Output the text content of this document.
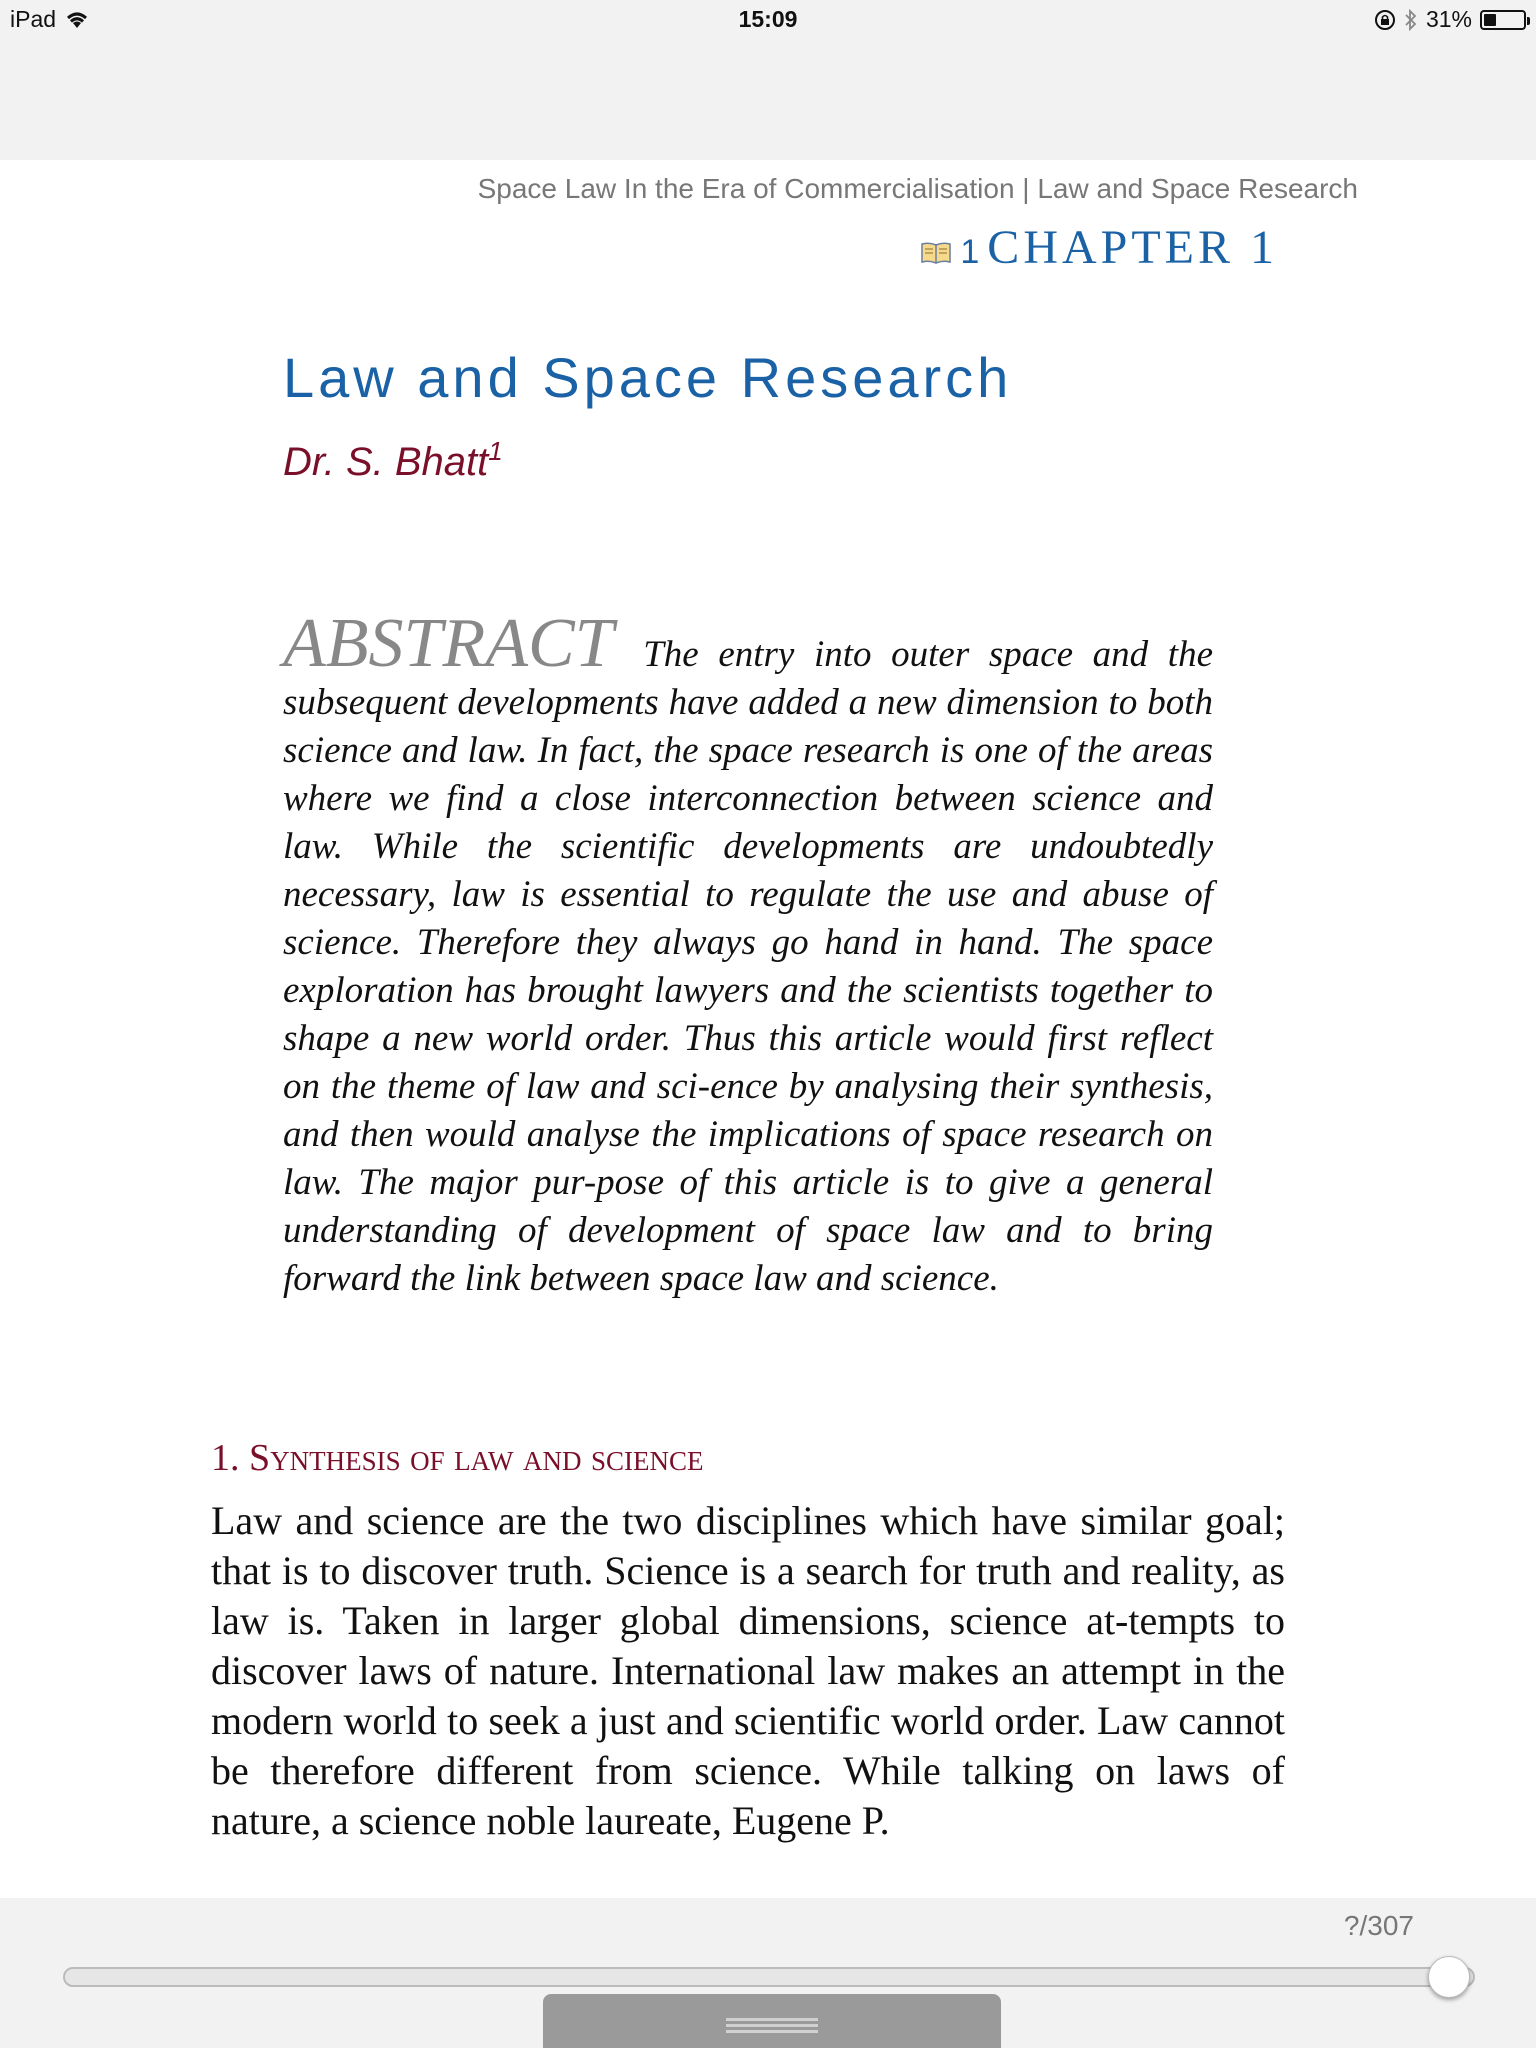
iPad	15:09	31%
Space Law In the Era of Commercialisation | Law and Space Research
1 CHAPTER 1
Law and Space Research
Dr. S. Bhatt$^1$

ABSTRACT The entry into outer space and the subsequent developments have added a new dimension to both science and law. In fact, the space research is one of the areas where we find a close interconnection between science and law. While the scientific developments are undoubtedly necessary, law is essential to regulate the use and abuse of science. Therefore they always go hand in hand. The space exploration has brought lawyers and the scientists together to shape a new world order. Thus this article would first reflect on the theme of law and sci-ence by analysing their synthesis, and then would analyse the implications of space research on law. The major pur-pose of this article is to give a general understanding of development of space law and to bring forward the link between space law and science.

1. Synthesis of law and science

Law and science are the two disciplines which have similar goal; that is to discover truth. Science is a search for truth and reality, as law is. Taken in larger global dimensions, science at-tempts to discover laws of nature. International law makes an attempt in the modern world to seek a just and scientific world order. Law cannot be therefore different from science. While talking on laws of nature, a science noble laureate, Eugene P.

?/307
